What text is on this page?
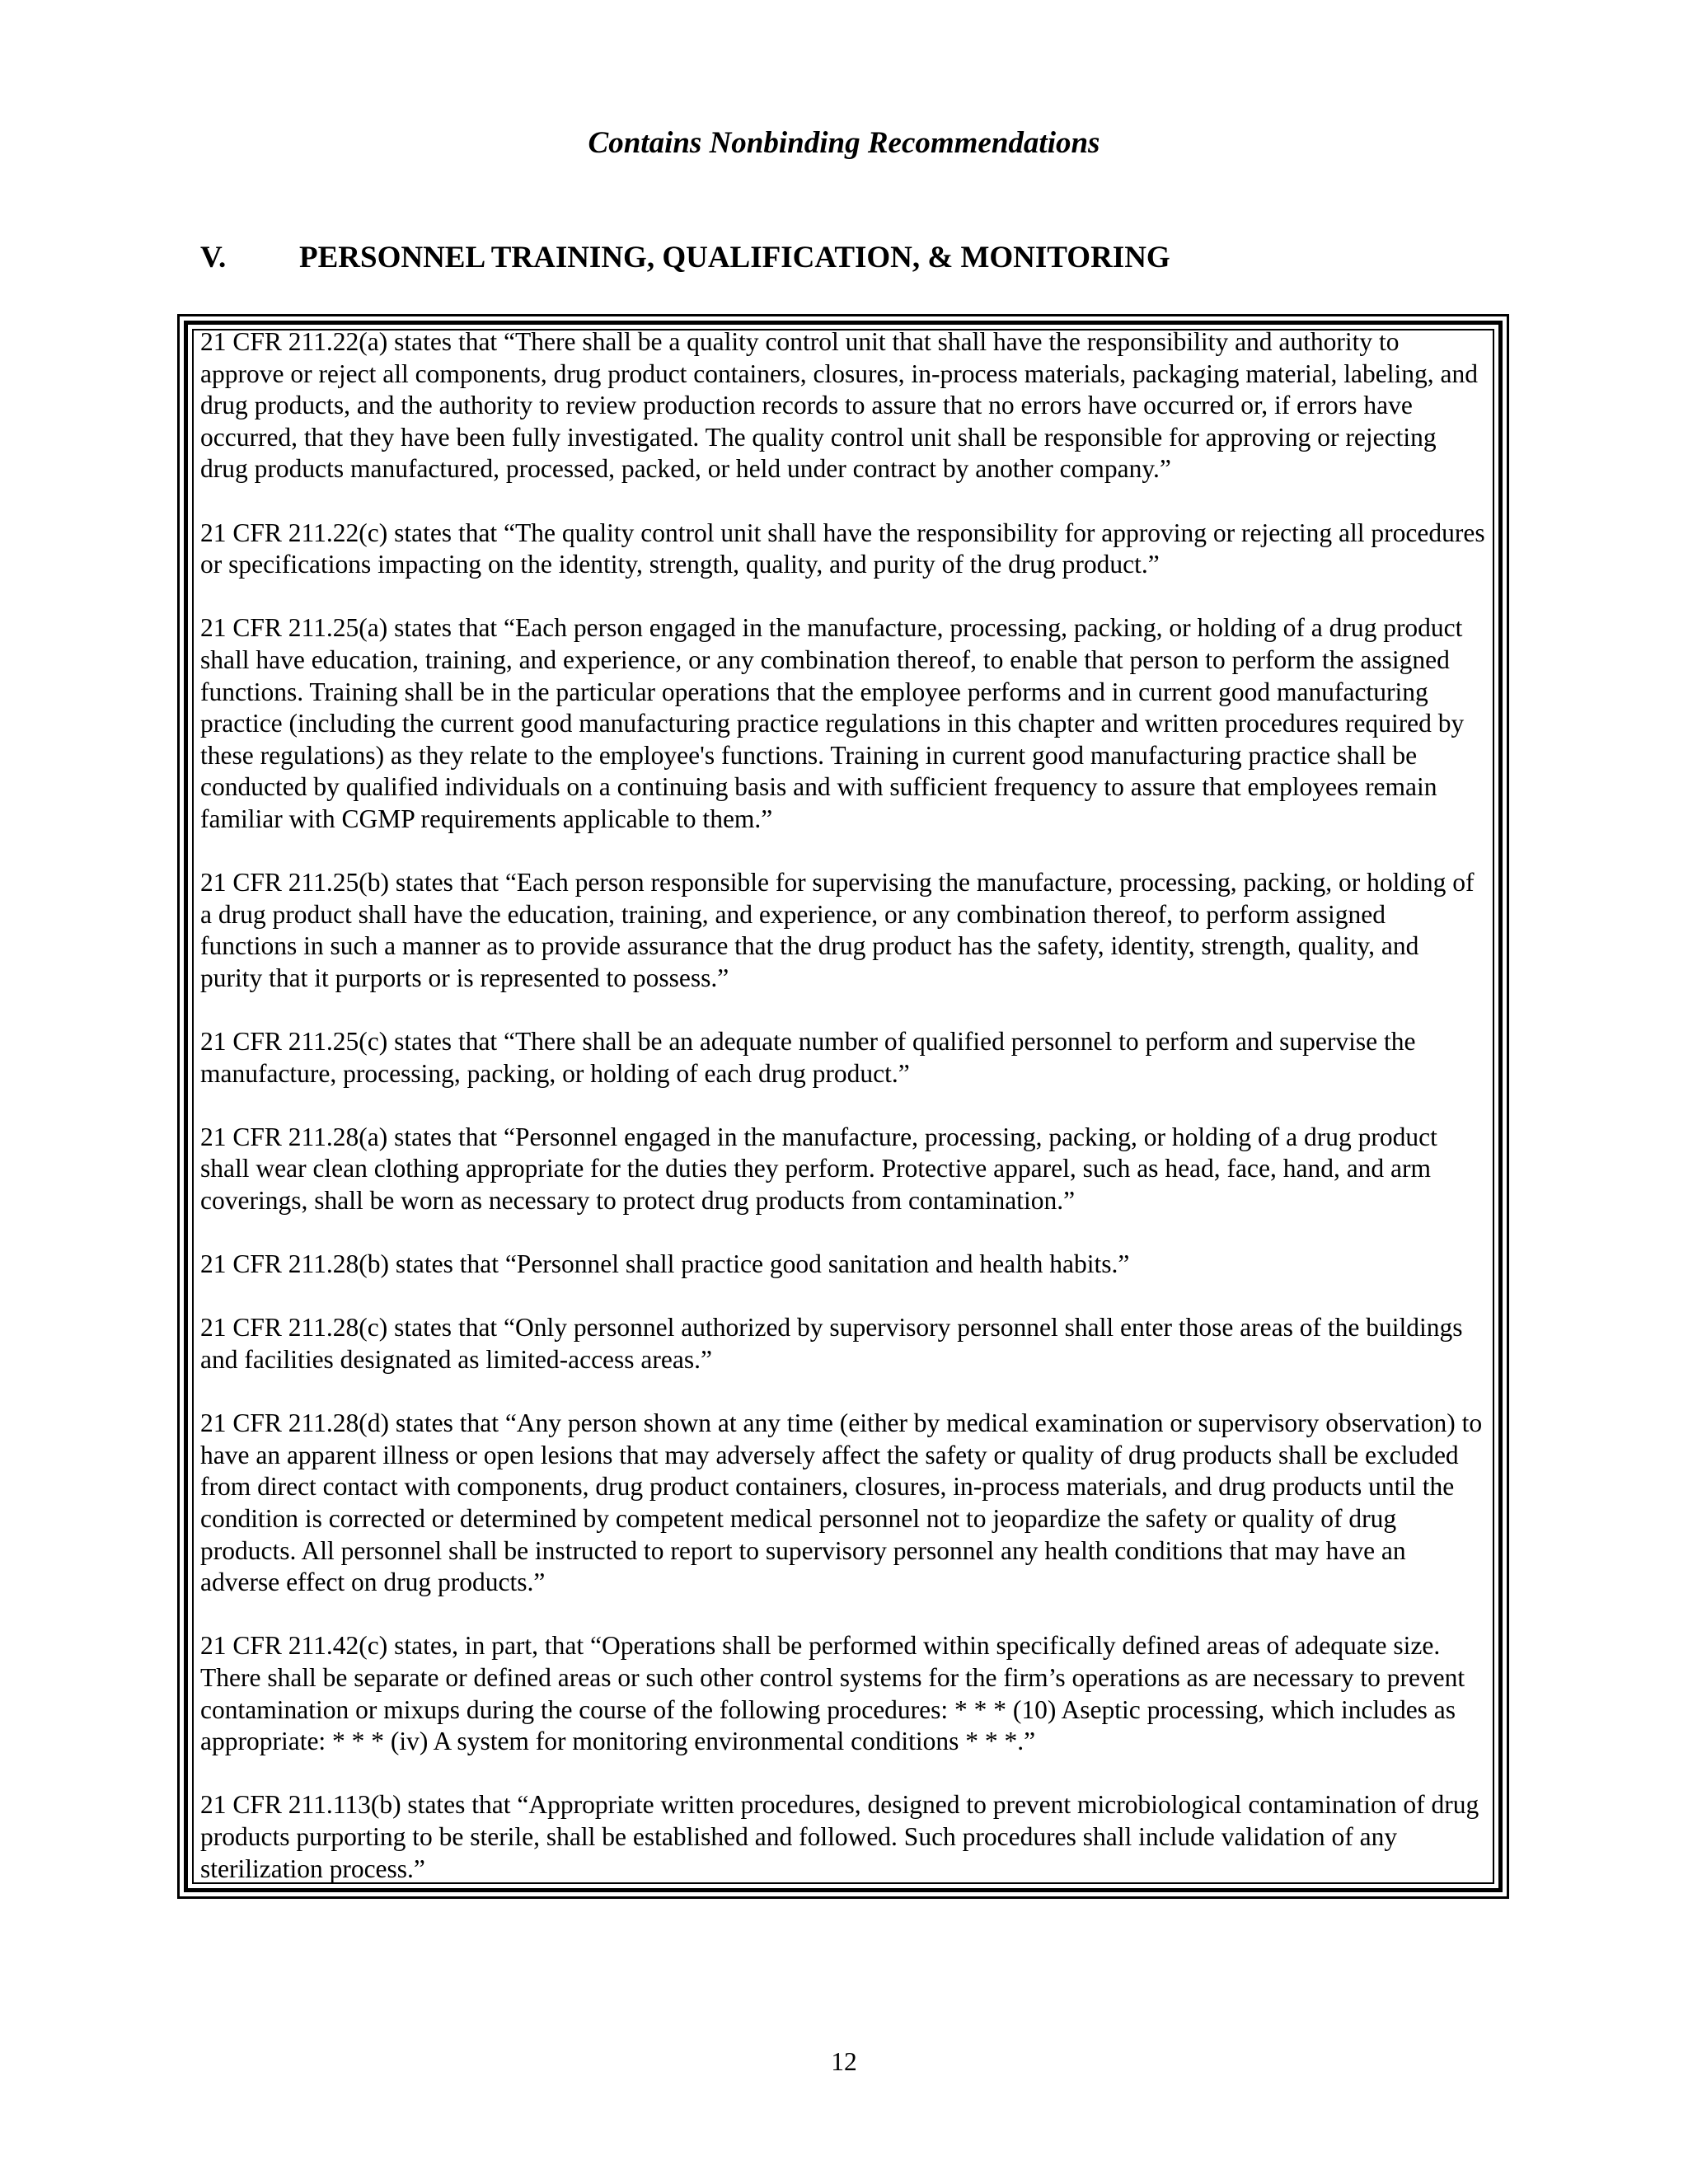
Contains Nonbinding Recommendations
V. PERSONNEL TRAINING, QUALIFICATION, & MONITORING

21 CFR 211.22(a) states that “There shall be a quality control unit that shall have the responsibility and authority to approve or reject all components, drug product containers, closures, in-process materials, packaging material, labeling, and drug products, and the authority to review production records to assure that no errors have occurred or, if errors have occurred, that they have been fully investigated. The quality control unit shall be responsible for approving or rejecting drug products manufactured, processed, packed, or held under contract by another company.”

21 CFR 211.22(c) states that “The quality control unit shall have the responsibility for approving or rejecting all procedures or specifications impacting on the identity, strength, quality, and purity of the drug product.”

21 CFR 211.25(a) states that “Each person engaged in the manufacture, processing, packing, or holding of a drug product shall have education, training, and experience, or any combination thereof, to enable that person to perform the assigned functions. Training shall be in the particular operations that the employee performs and in current good manufacturing practice (including the current good manufacturing practice regulations in this chapter and written procedures required by these regulations) as they relate to the employee's functions. Training in current good manufacturing practice shall be conducted by qualified individuals on a continuing basis and with sufficient frequency to assure that employees remain familiar with CGMP requirements applicable to them.”

21 CFR 211.25(b) states that “Each person responsible for supervising the manufacture, processing, packing, or holding of a drug product shall have the education, training, and experience, or any combination thereof, to perform assigned functions in such a manner as to provide assurance that the drug product has the safety, identity, strength, quality, and purity that it purports or is represented to possess.”

21 CFR 211.25(c) states that “There shall be an adequate number of qualified personnel to perform and supervise the manufacture, processing, packing, or holding of each drug product.”

21 CFR 211.28(a) states that “Personnel engaged in the manufacture, processing, packing, or holding of a drug product shall wear clean clothing appropriate for the duties they perform. Protective apparel, such as head, face, hand, and arm coverings, shall be worn as necessary to protect drug products from contamination.”

21 CFR 211.28(b) states that “Personnel shall practice good sanitation and health habits.”

21 CFR 211.28(c) states that “Only personnel authorized by supervisory personnel shall enter those areas of the buildings and facilities designated as limited-access areas.”

21 CFR 211.28(d) states that “Any person shown at any time (either by medical examination or supervisory observation) to have an apparent illness or open lesions that may adversely affect the safety or quality of drug products shall be excluded from direct contact with components, drug product containers, closures, in-process materials, and drug products until the condition is corrected or determined by competent medical personnel not to jeopardize the safety or quality of drug products. All personnel shall be instructed to report to supervisory personnel any health conditions that may have an adverse effect on drug products.”

21 CFR 211.42(c) states, in part, that “Operations shall be performed within specifically defined areas of adequate size. There shall be separate or defined areas or such other control systems for the firm’s operations as are necessary to prevent contamination or mixups during the course of the following procedures: * * * (10) Aseptic processing, which includes as appropriate: * * * (iv) A system for monitoring environmental conditions * * *.”

21 CFR 211.113(b) states that “Appropriate written procedures, designed to prevent microbiological contamination of drug products purporting to be sterile, shall be established and followed. Such procedures shall include validation of any sterilization process.”

12
